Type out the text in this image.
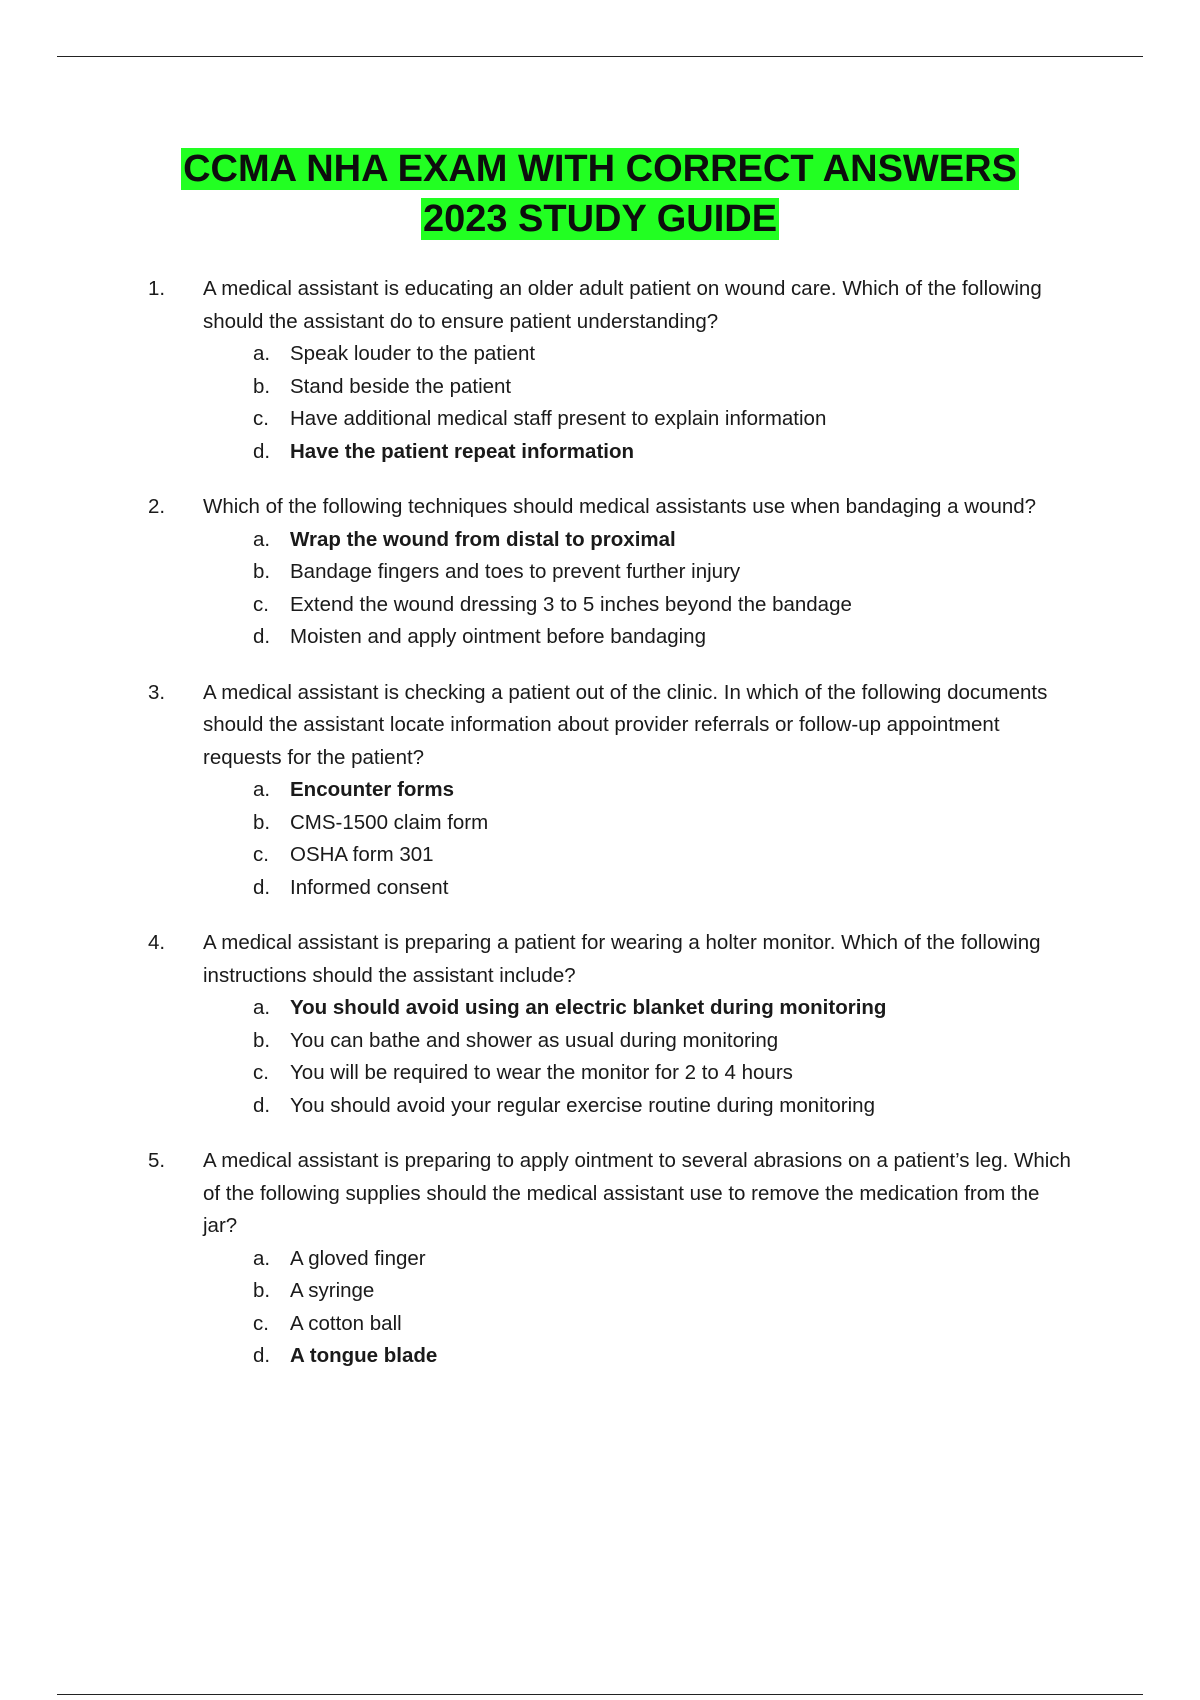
CCMA NHA EXAM WITH CORRECT ANSWERS
2023 STUDY GUIDE
1. A medical assistant is educating an older adult patient on wound care. Which of the following should the assistant do to ensure patient understanding?
a. Speak louder to the patient
b. Stand beside the patient
c. Have additional medical staff present to explain information
d. Have the patient repeat information
2. Which of the following techniques should medical assistants use when bandaging a wound?
a. Wrap the wound from distal to proximal
b. Bandage fingers and toes to prevent further injury
c. Extend the wound dressing 3 to 5 inches beyond the bandage
d. Moisten and apply ointment before bandaging
3. A medical assistant is checking a patient out of the clinic. In which of the following documents should the assistant locate information about provider referrals or follow-up appointment requests for the patient?
a. Encounter forms
b. CMS-1500 claim form
c. OSHA form 301
d. Informed consent
4. A medical assistant is preparing a patient for wearing a holter monitor. Which of the following instructions should the assistant include?
a. You should avoid using an electric blanket during monitoring
b. You can bathe and shower as usual during monitoring
c. You will be required to wear the monitor for 2 to 4 hours
d. You should avoid your regular exercise routine during monitoring
5. A medical assistant is preparing to apply ointment to several abrasions on a patient’s leg. Which of the following supplies should the medical assistant use to remove the medication from the jar?
a. A gloved finger
b. A syringe
c. A cotton ball
d. A tongue blade
